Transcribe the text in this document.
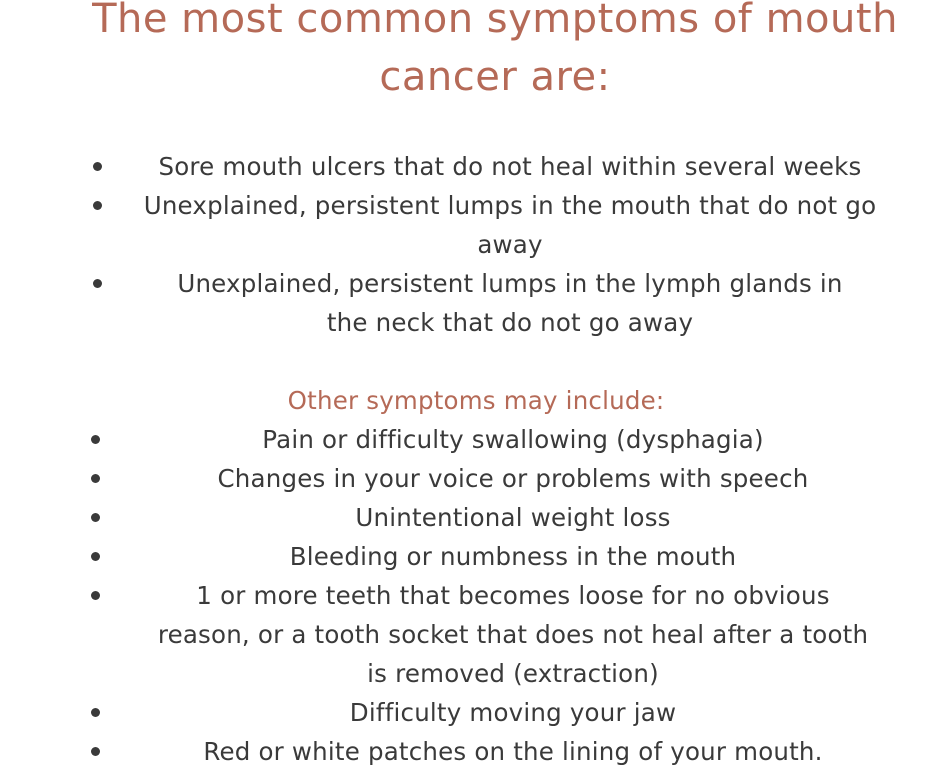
The most common symptoms of mouth cancer are:
Sore mouth ulcers that do not heal within several weeks
Unexplained, persistent lumps in the mouth that do not go away
Unexplained, persistent lumps in the lymph glands in the neck that do not go away
Other symptoms may include:
Pain or difficulty swallowing (dysphagia)
Changes in your voice or problems with speech
Unintentional weight loss
Bleeding or numbness in the mouth
1 or more teeth that becomes loose for no obvious reason, or a tooth socket that does not heal after a tooth is removed (extraction)
Difficulty moving your jaw
Red or white patches on the lining of your mouth.
